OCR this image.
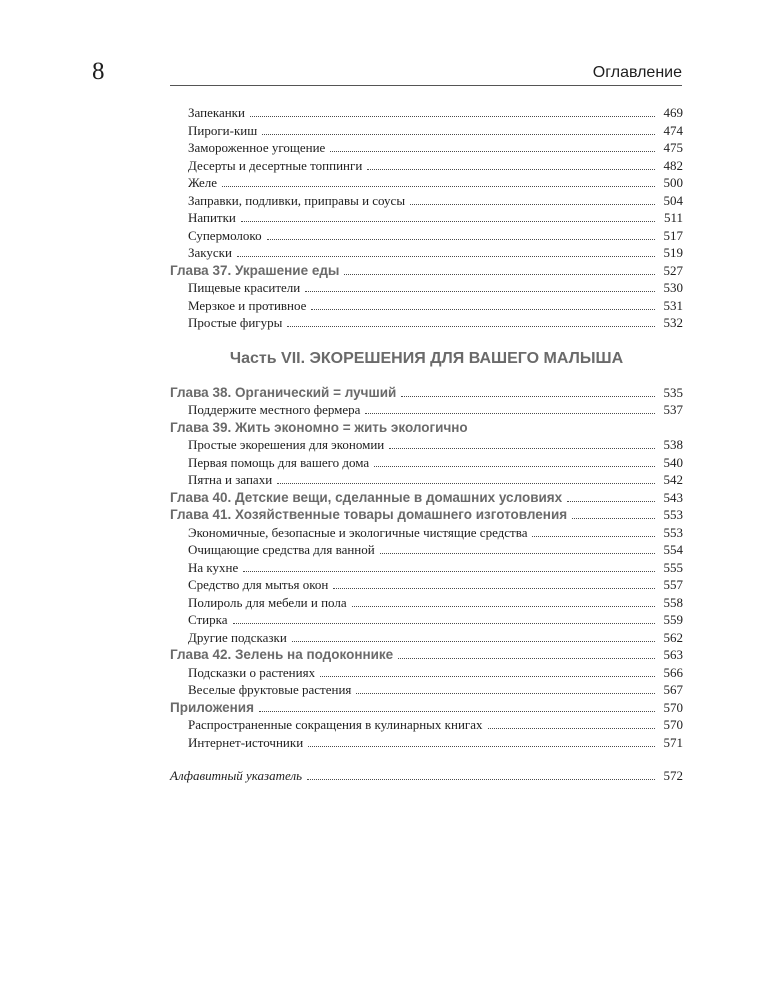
8	Оглавление
Запеканки	469
Пироги-киш	474
Замороженное угощение	475
Десерты и десертные топпинги	482
Желе	500
Заправки, подливки, приправы и соусы	504
Напитки	511
Супермолоко	517
Закуски	519
Глава 37. Украшение еды	527
Пищевые красители	530
Мерзкое и противное	531
Простые фигуры	532
Часть VII. ЭКОРЕШЕНИЯ ДЛЯ ВАШЕГО МАЛЫША
Глава 38. Органический = лучший	535
Поддержите местного фермера	537
Глава 39. Жить экономно = жить экологично
Простые экорешения для экономии	538
Первая помощь для вашего дома	540
Пятна и запахи	542
Глава 40. Детские вещи, сделанные в домашних условиях	543
Глава 41. Хозяйственные товары домашнего изготовления	553
Экономичные, безопасные и экологичные чистящие средства	553
Очищающие средства для ванной	554
На кухне	555
Средство для мытья окон	557
Полироль для мебели и пола	558
Стирка	559
Другие подсказки	562
Глава 42. Зелень на подоконнике	563
Подсказки о растениях	566
Веселые фруктовые растения	567
Приложения	570
Распространенные сокращения в кулинарных книгах	570
Интернет-источники	571
Алфавитный указатель	572
